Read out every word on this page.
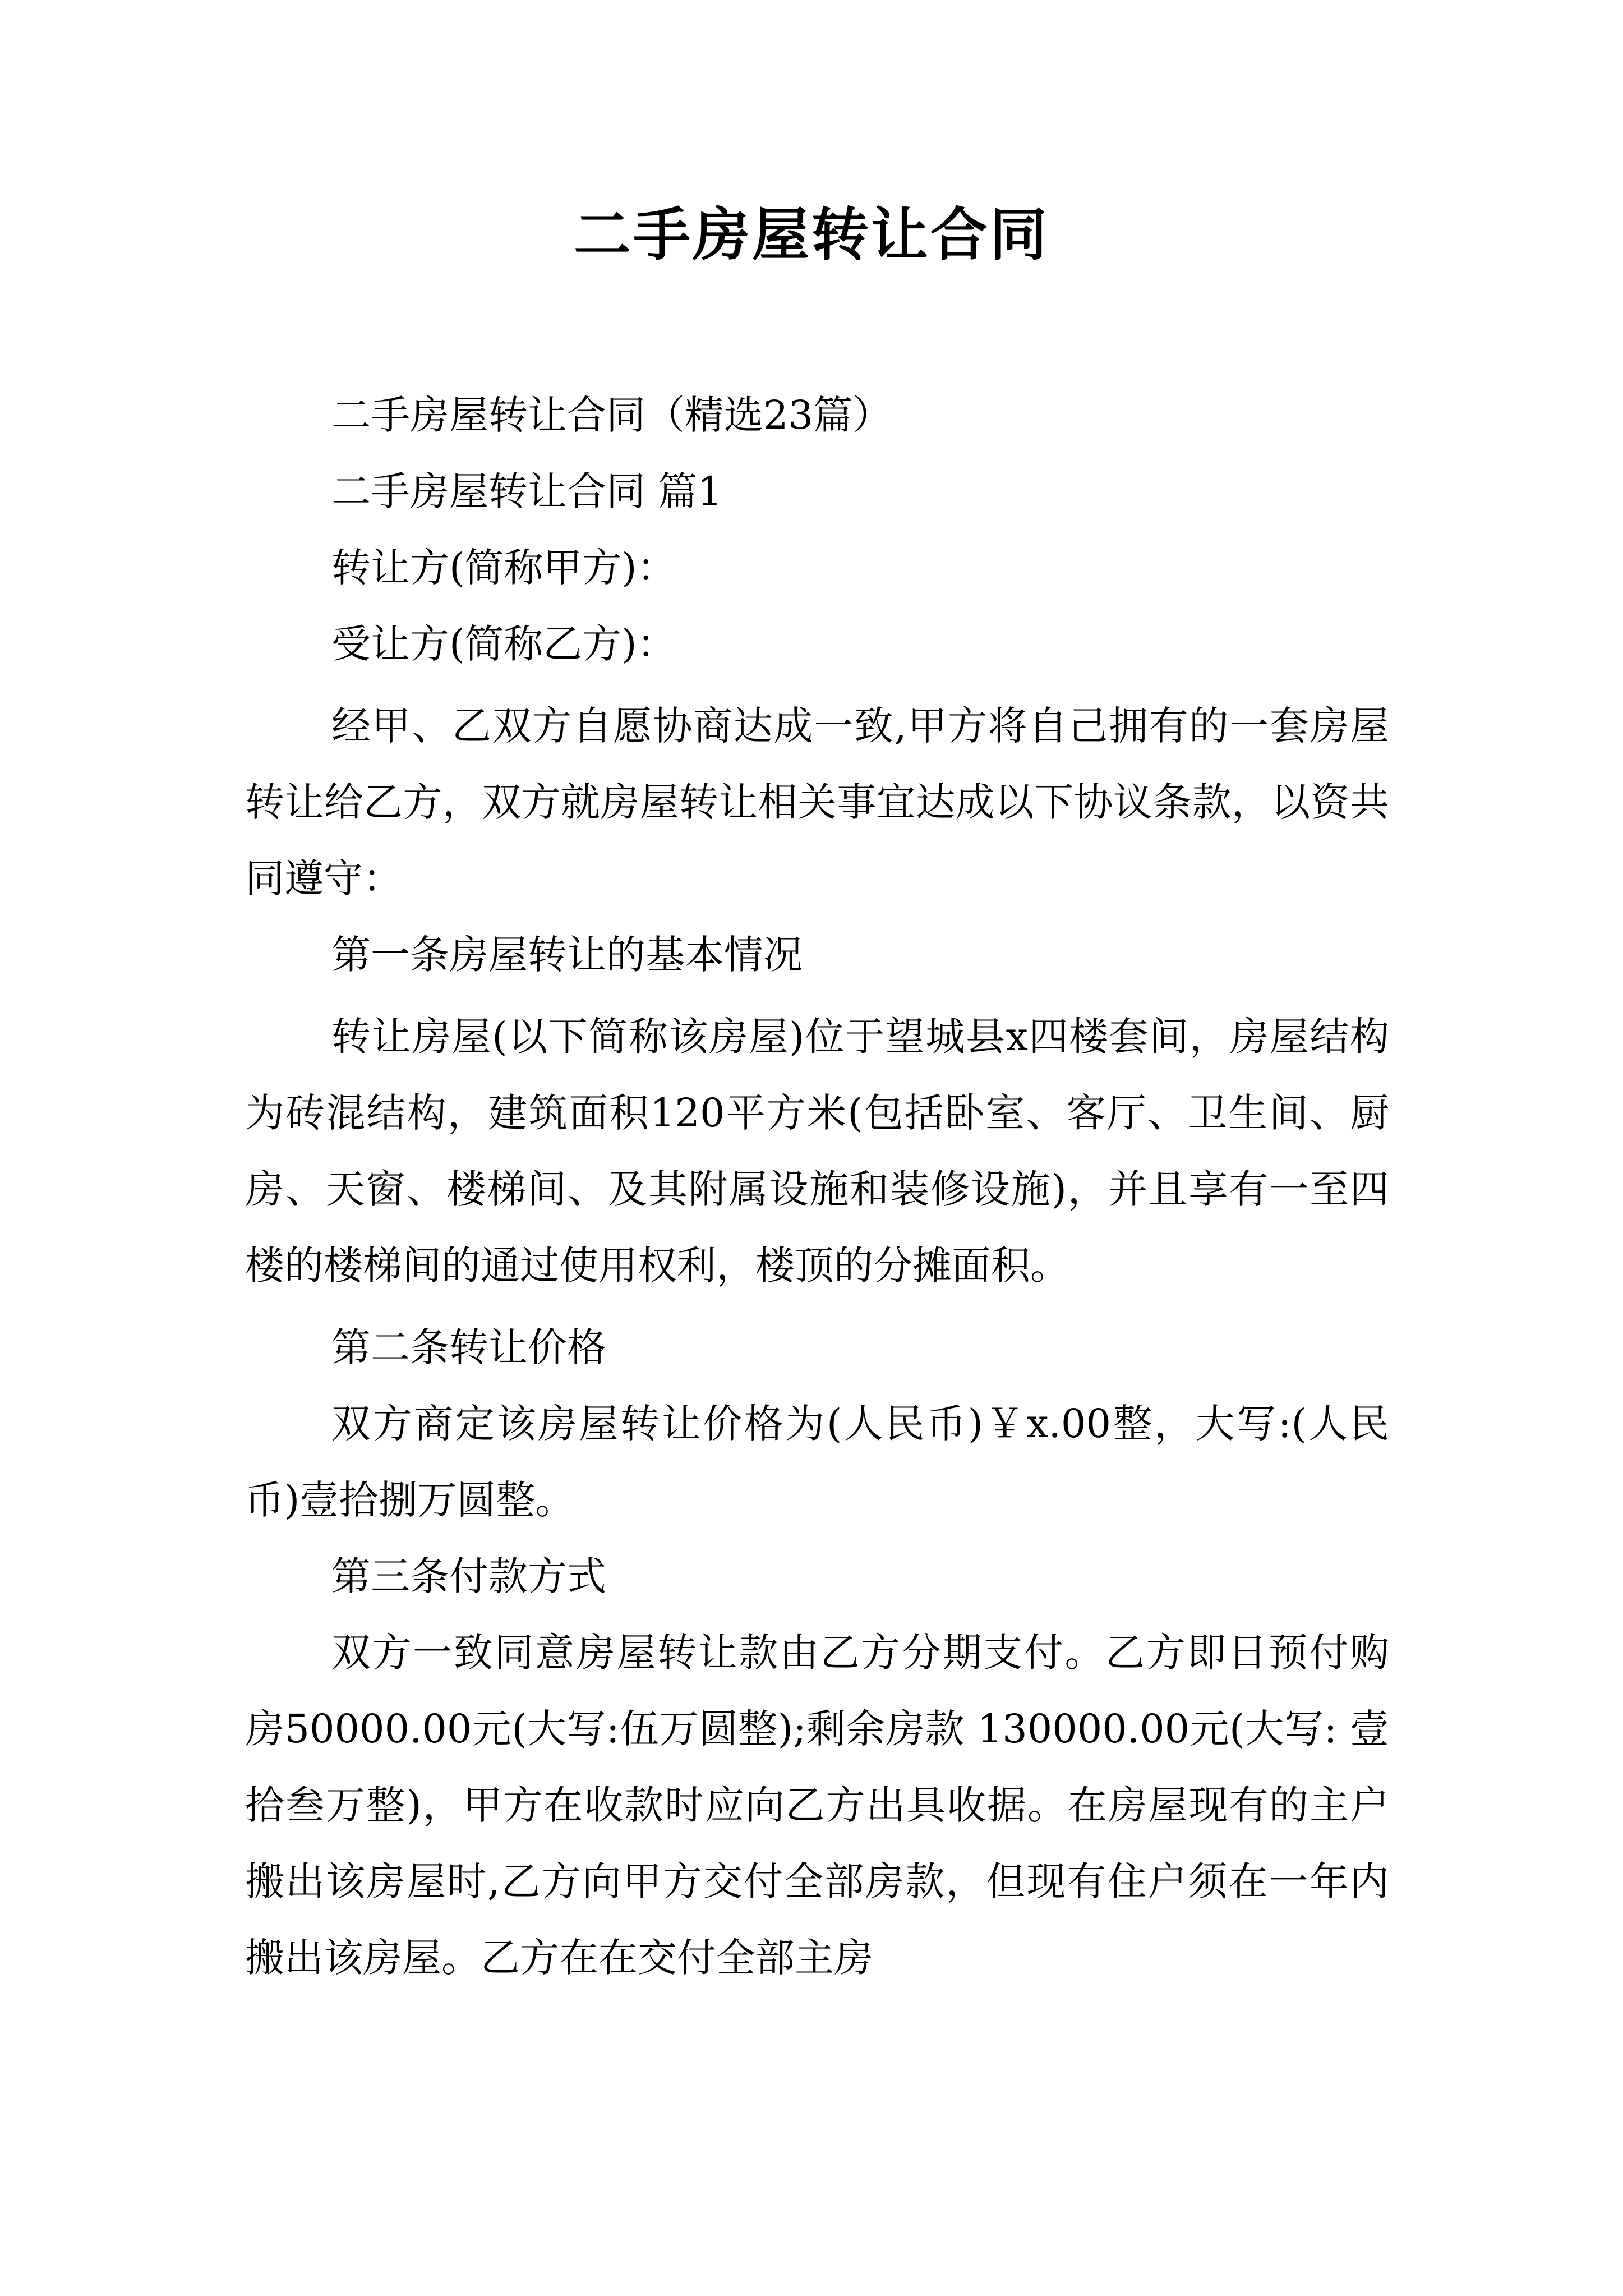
二手房屋转让合同

二手房屋转让合同（精选23篇）

二手房屋转让合同 篇1

转让方(简称甲方)：

受让方(简称乙方)：

经甲、乙双方自愿协商达成一致,甲方将自己拥有的一套房屋转让给乙方，双方就房屋转让相关事宜达成以下协议条款，以资共同遵守：

第一条房屋转让的基本情况

转让房屋(以下简称该房屋)位于望城县x四楼套间，房屋结构为砖混结构，建筑面积120平方米(包括卧室、客厅、卫生间、厨房、天窗、楼梯间、及其附属设施和装修设施)，并且享有一至四楼的楼梯间的通过使用权利，楼顶的分摊面积。

第二条转让价格

双方商定该房屋转让价格为(人民币)￥x.00整，大写:(人民币)壹拾捌万圆整。

第三条付款方式

双方一致同意房屋转让款由乙方分期支付。乙方即日预付购房50000.00元(大写:伍万圆整);剩余房款 130000.00元(大写: 壹拾叁万整)，甲方在收款时应向乙方出具收据。在房屋现有的主户搬出该房屋时,乙方向甲方交付全部房款，但现有住户须在一年内搬出该房屋。乙方在在交付全部主房
